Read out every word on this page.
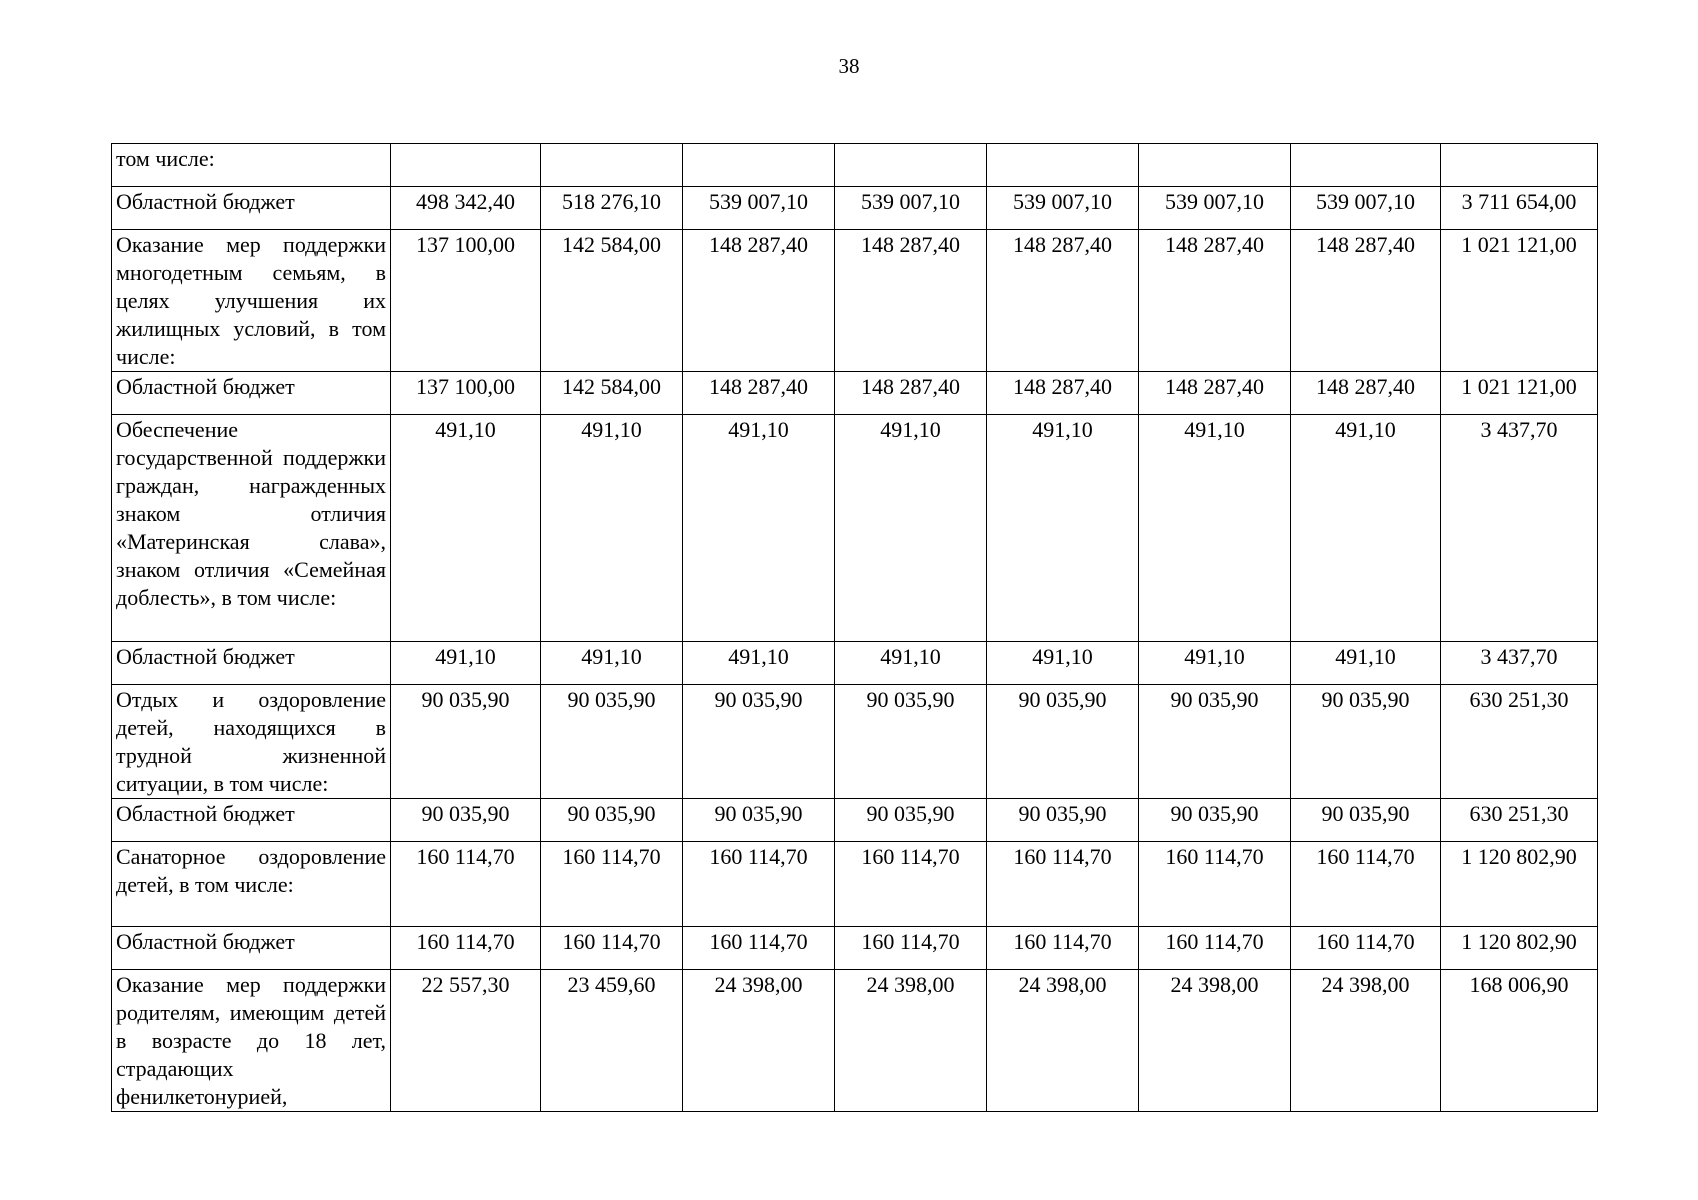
38
том числе:								
Областной бюджет	498 342,40	518 276,10	539 007,10	539 007,10	539 007,10	539 007,10	539 007,10	3 711 654,00
Оказание мер поддержки многодетным семьям, в целях улучшения их жилищных условий, в том числе:	137 100,00	142 584,00	148 287,40	148 287,40	148 287,40	148 287,40	148 287,40	1 021 121,00
Областной бюджет	137 100,00	142 584,00	148 287,40	148 287,40	148 287,40	148 287,40	148 287,40	1 021 121,00
Обеспечение государственной поддержки граждан, награжденных знаком отличия «Материнская слава», знаком отличия «Семейная доблесть», в том числе:	491,10	491,10	491,10	491,10	491,10	491,10	491,10	3 437,70
Областной бюджет	491,10	491,10	491,10	491,10	491,10	491,10	491,10	3 437,70
Отдых и оздоровление детей, находящихся в трудной жизненной ситуации, в том числе:	90 035,90	90 035,90	90 035,90	90 035,90	90 035,90	90 035,90	90 035,90	630 251,30
Областной бюджет	90 035,90	90 035,90	90 035,90	90 035,90	90 035,90	90 035,90	90 035,90	630 251,30
Санаторное оздоровление детей, в том числе:	160 114,70	160 114,70	160 114,70	160 114,70	160 114,70	160 114,70	160 114,70	1 120 802,90
Областной бюджет	160 114,70	160 114,70	160 114,70	160 114,70	160 114,70	160 114,70	160 114,70	1 120 802,90
Оказание мер поддержки родителям, имеющим детей в возрасте до 18 лет, страдающих фенилкетонурией,	22 557,30	23 459,60	24 398,00	24 398,00	24 398,00	24 398,00	24 398,00	168 006,90
